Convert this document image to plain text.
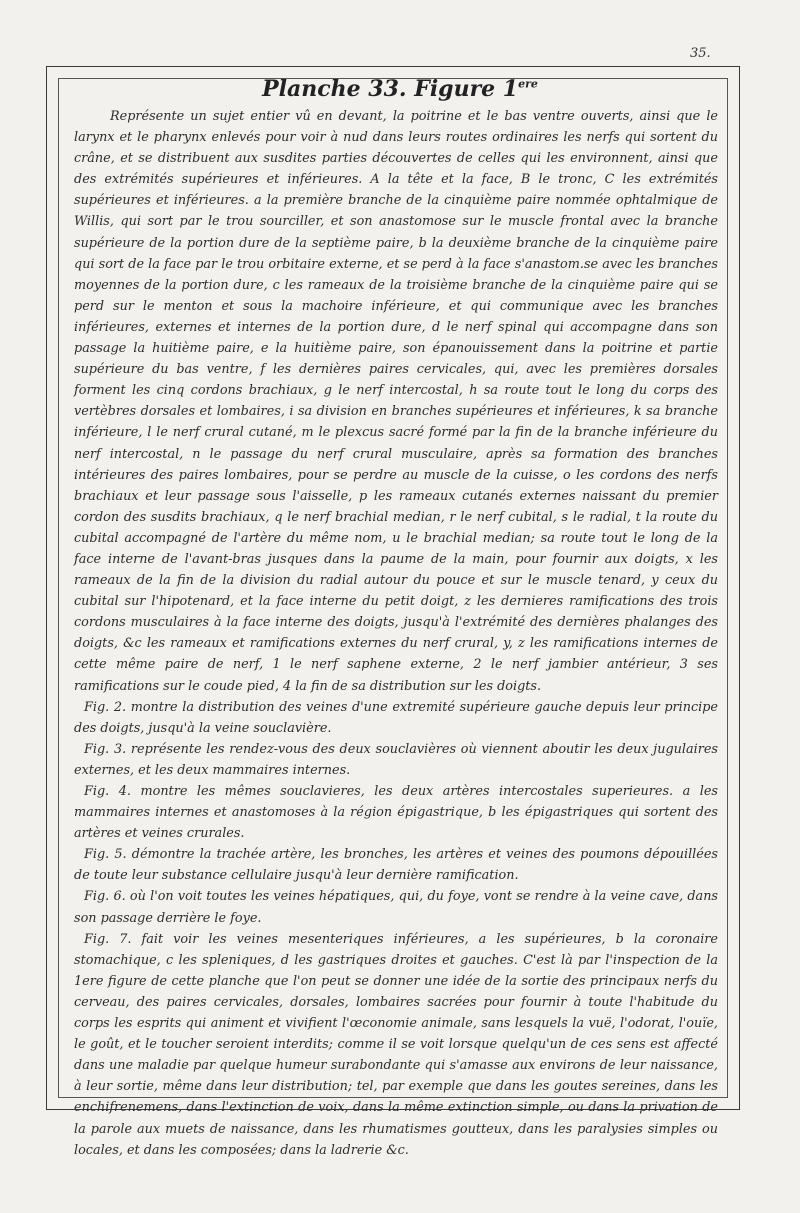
35.
Planche 33. Figure 1ere

Représente un sujet entier vû en devant, la poitrine et le bas ventre ouverts, ainsi que le larynx et le pharynx enlevés pour voir à nud dans leurs routes ordinaires les nerfs qui sortent du crâne, et se distribuent aux susdites parties découvertes de celles qui les environnent, ainsi que des extrémités supérieures et inférieures. A la tête et la face, B le tronc, C les extrémités supérieures et inférieures. a la première branche de la cinquième paire nommée ophtalmique de Willis, qui sort par le trou sourciller, et son anastomose sur le muscle frontal avec la branche supérieure de la portion dure de la septième paire, b la deuxième branche de la cinquième paire qui sort de la face par le trou orbitaire externe, et se perd à la face s'anastom.se avec les branches moyennes de la portion dure, c les rameaux de la troisième branche de la cinquième paire qui se perd sur le menton et sous la machoire inférieure, et qui communique avec les branches inférieures, externes et internes de la portion dure, d le nerf spinal qui accompagne dans son passage la huitième paire, e la huitième paire, son épanouissement dans la poitrine et partie supérieure du bas ventre, f les dernières paires cervicales, qui, avec les premières dorsales forment les cinq cordons brachiaux, g le nerf intercostal, h sa route tout le long du corps des vertèbres dorsales et lombaires, i sa division en branches supérieures et inférieures, k sa branche inférieure, l le nerf crural cutané, m le plexcus sacré formé par la fin de la branche inférieure du nerf intercostal, n le passage du nerf crural musculaire, après sa formation des branches intérieures des paires lombaires, pour se perdre au muscle de la cuisse, o les cordons des nerfs brachiaux et leur passage sous l'aisselle, p les rameaux cutanés externes naissant du premier cordon des susdits brachiaux, q le nerf brachial median, r le nerf cubital, s le radial, t la route du cubital accompagné de l'artère du même nom, u le brachial median; sa route tout le long de la face interne de l'avant-bras jusques dans la paume de la main, pour fournir aux doigts, x les rameaux de la fin de la division du radial autour du pouce et sur le muscle tenard, y ceux du cubital sur l'hipotenard, et la face interne du petit doigt, z les dernieres ramifications des trois cordons musculaires à la face interne des doigts, jusqu'à l'extrémité des dernières phalanges des doigts, &c les rameaux et ramifications externes du nerf crural, y, z les ramifications internes de cette même paire de nerf, 1 le nerf saphene externe, 2 le nerf jambier antérieur, 3 ses ramifications sur le coude pied, 4 la fin de sa distribution sur les doigts.

Fig. 2. montre la distribution des veines d'une extremité supérieure gauche depuis leur principe des doigts, jusqu'à la veine souclavière.

Fig. 3. représente les rendez-vous des deux souclavières où viennent aboutir les deux jugulaires externes, et les deux mammaires internes.

Fig. 4. montre les mêmes souclavieres, les deux artères intercostales superieures. a les mammaires internes et anastomoses à la région épigastrique, b les épigastriques qui sortent des artères et veines crurales.

Fig. 5. démontre la trachée artère, les bronches, les artères et veines des poumons dépouillées de toute leur substance cellulaire jusqu'à leur dernière ramification.

Fig. 6. où l'on voit toutes les veines hépatiques, qui, du foye, vont se rendre à la veine cave, dans son passage derrière le foye.

Fig. 7. fait voir les veines mesenteriques inférieures, a les supérieures, b la coronaire stomachique, c les spleniques, d les gastriques droites et gauches. C'est là par l'inspection de la 1ere figure de cette planche que l'on peut se donner une idée de la sortie des principaux nerfs du cerveau, des paires cervicales, dorsales, lombaires sacrées pour fournir à toute l'habitude du corps les esprits qui animent et vivifient l'œconomie animale, sans lesquels la vuë, l'odorat, l'ouïe, le goût, et le toucher seroient interdits; comme il se voit lorsque quelqu'un de ces sens est affecté dans une maladie par quelque humeur surabondante qui s'amasse aux environs de leur naissance, à leur sortie, même dans leur distribution; tel, par exemple que dans les goutes sereines, dans les enchifrenemens, dans l'extinction de voix, dans la même extinction simple, ou dans la privation de la parole aux muets de naissance, dans les rhumatismes goutteux, dans les paralysies simples ou locales, et dans les composées; dans la ladrerie &c.
